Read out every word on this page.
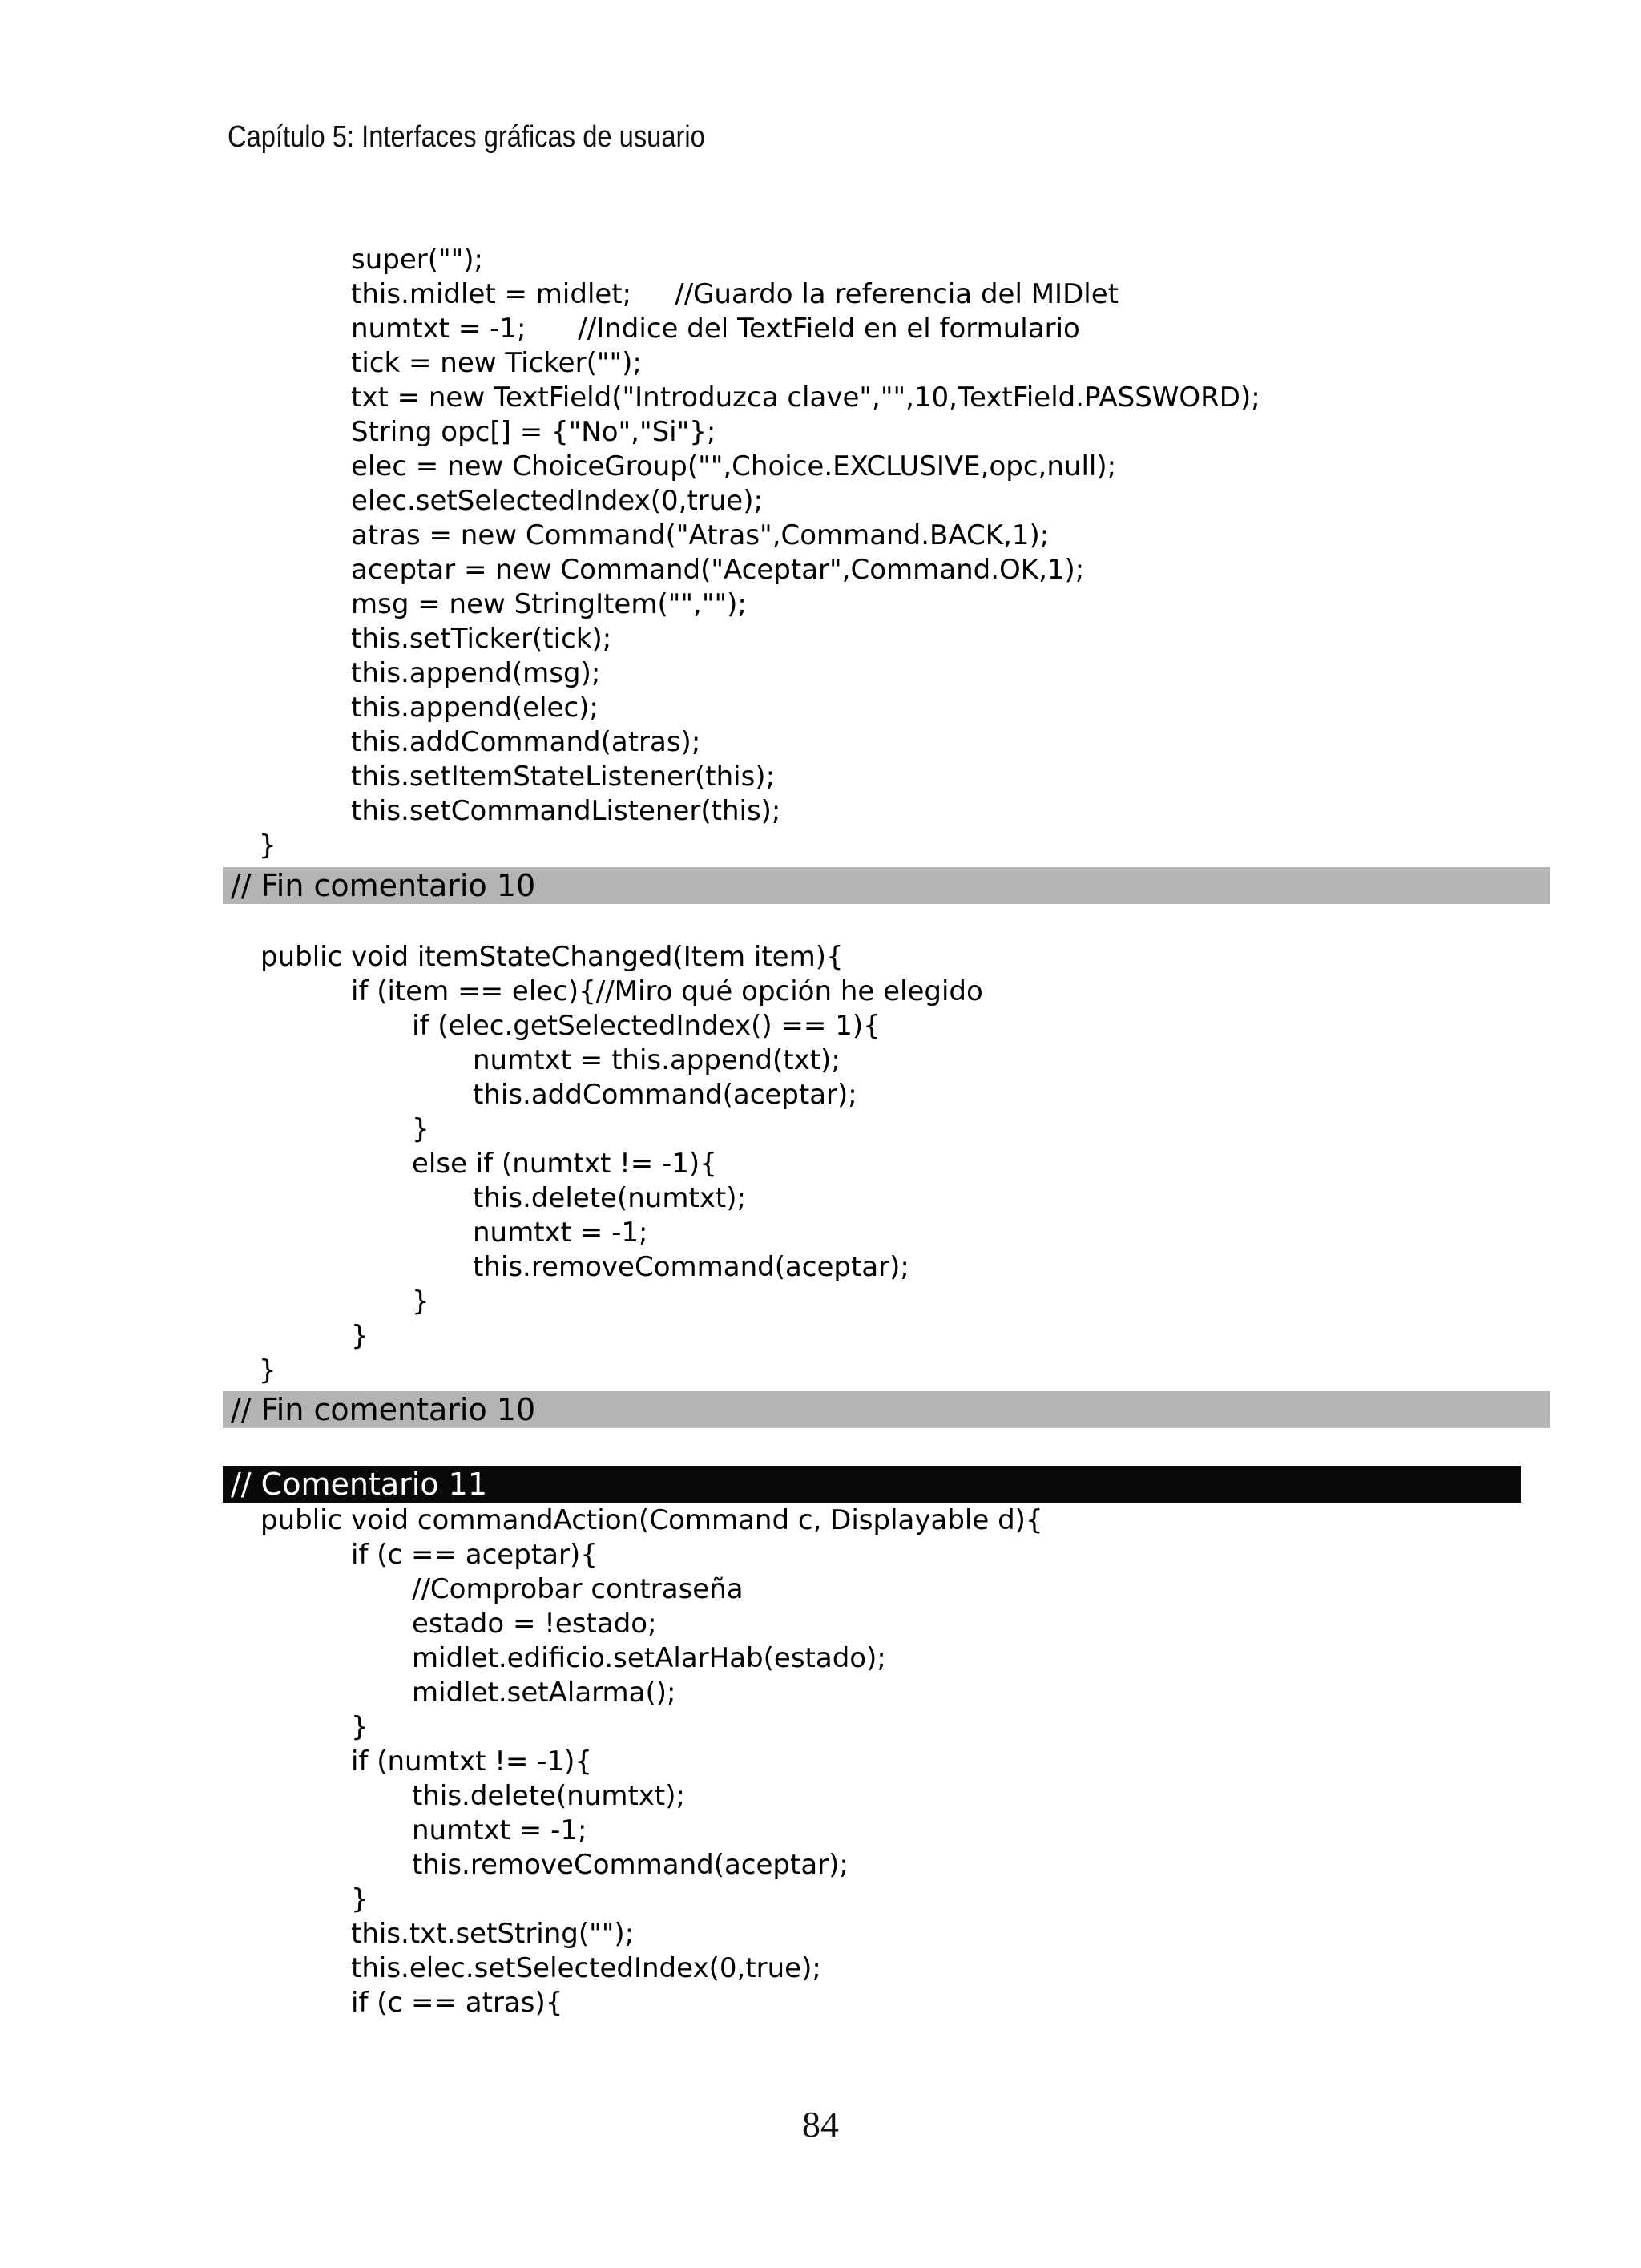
Capítulo 5: Interfaces gráficas de usuario
super("");
this.midlet = midlet;     //Guardo la referencia del MIDlet
numtxt = -1;      //Indice del TextField en el formulario
tick = new Ticker("");
txt = new TextField("Introduzca clave","",10,TextField.PASSWORD);
String opc[] = {"No","Si"};
elec = new ChoiceGroup("",Choice.EXCLUSIVE,opc,null);
elec.setSelectedIndex(0,true);
atras = new Command("Atras",Command.BACK,1);
aceptar = new Command("Aceptar",Command.OK,1);
msg = new StringItem("","");
this.setTicker(tick);
this.append(msg);
this.append(elec);
this.addCommand(atras);
this.setItemStateListener(this);
this.setCommandListener(this);
}
// Fin comentario 10
public void itemStateChanged(Item item){
if (item == elec){//Miro qué opción he elegido
if (elec.getSelectedIndex() == 1){
numtxt = this.append(txt);
this.addCommand(aceptar);
}
else if (numtxt != -1){
this.delete(numtxt);
numtxt = -1;
this.removeCommand(aceptar);
}
}
}
// Fin comentario 10
// Comentario 11
public void commandAction(Command c, Displayable d){
if (c == aceptar){
//Comprobar contraseña
estado = !estado;
midlet.edificio.setAlarHab(estado);
midlet.setAlarma();
}
if (numtxt != -1){
this.delete(numtxt);
numtxt = -1;
this.removeCommand(aceptar);
}
this.txt.setString("");
this.elec.setSelectedIndex(0,true);
if (c == atras){
84
